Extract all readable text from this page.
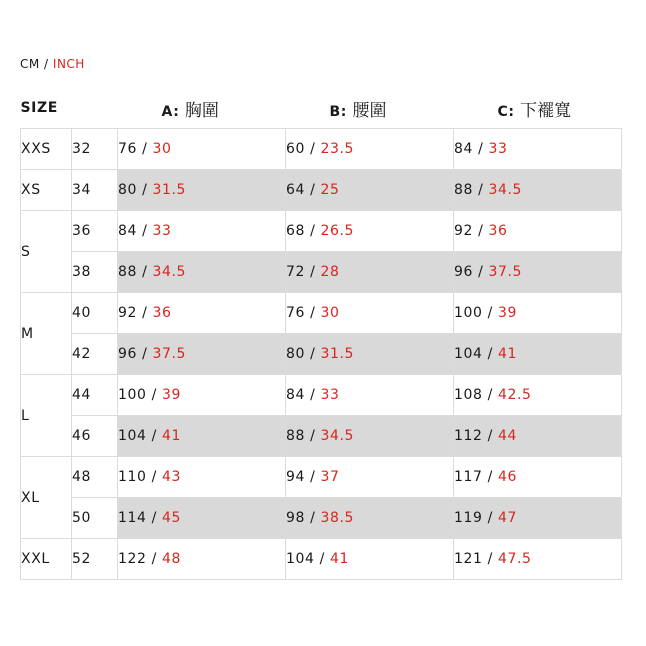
CM / INCH
SIZE		A: 胸圍	B: 腰圍	C: 下襬寬
XXS	32	76 / 30	60 / 23.5	84 / 33
XS	34	80 / 31.5	64 / 25	88 / 34.5
S	36	84 / 33	68 / 26.5	92 / 36
	38	88 / 34.5	72 / 28	96 / 37.5
M	40	92 / 36	76 / 30	100 / 39
	42	96 / 37.5	80 / 31.5	104 / 41
L	44	100 / 39	84 / 33	108 / 42.5
	46	104 / 41	88 / 34.5	112 / 44
XL	48	110 / 43	94 / 37	117 / 46
	50	114 / 45	98 / 38.5	119 / 47
XXL	52	122 / 48	104 / 41	121 / 47.5
